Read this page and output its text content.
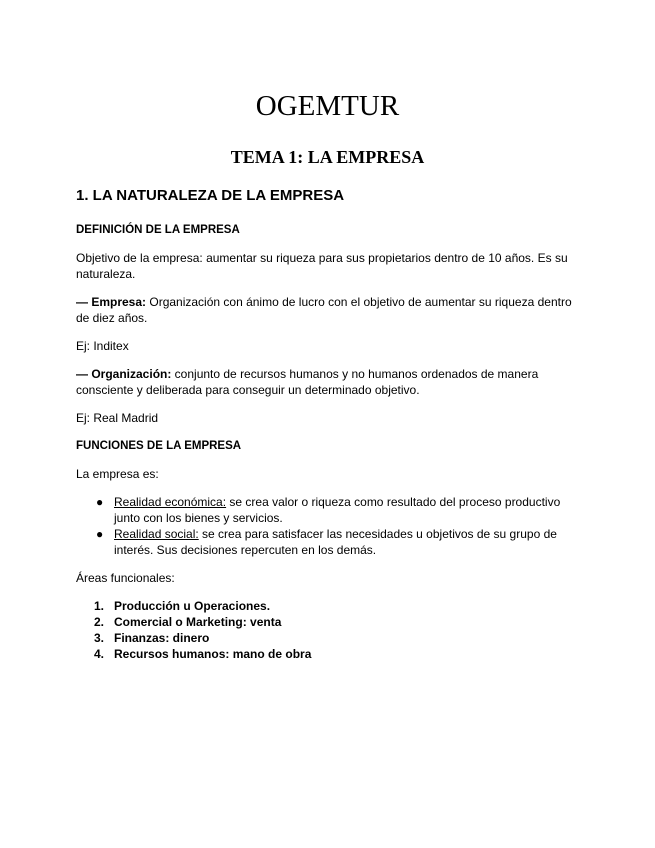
OGEMTUR
TEMA 1: LA EMPRESA
1. LA NATURALEZA DE LA EMPRESA
DEFINICIÓN DE LA EMPRESA
Objetivo de la empresa: aumentar su riqueza para sus propietarios dentro de 10 años. Es su naturaleza.
— Empresa: Organización con ánimo de lucro con el objetivo de aumentar su riqueza dentro de diez años.
Ej: Inditex
— Organización: conjunto de recursos humanos y no humanos ordenados de manera consciente y deliberada para conseguir un determinado objetivo.
Ej: Real Madrid
FUNCIONES DE LA EMPRESA
La empresa es:
● Realidad económica: se crea valor o riqueza como resultado del proceso productivo junto con los bienes y servicios.
● Realidad social: se crea para satisfacer las necesidades u objetivos de su grupo de interés. Sus decisiones repercuten en los demás.
Áreas funcionales:
1. Producción u Operaciones.
2. Comercial o Marketing: venta
3. Finanzas: dinero
4. Recursos humanos: mano de obra
